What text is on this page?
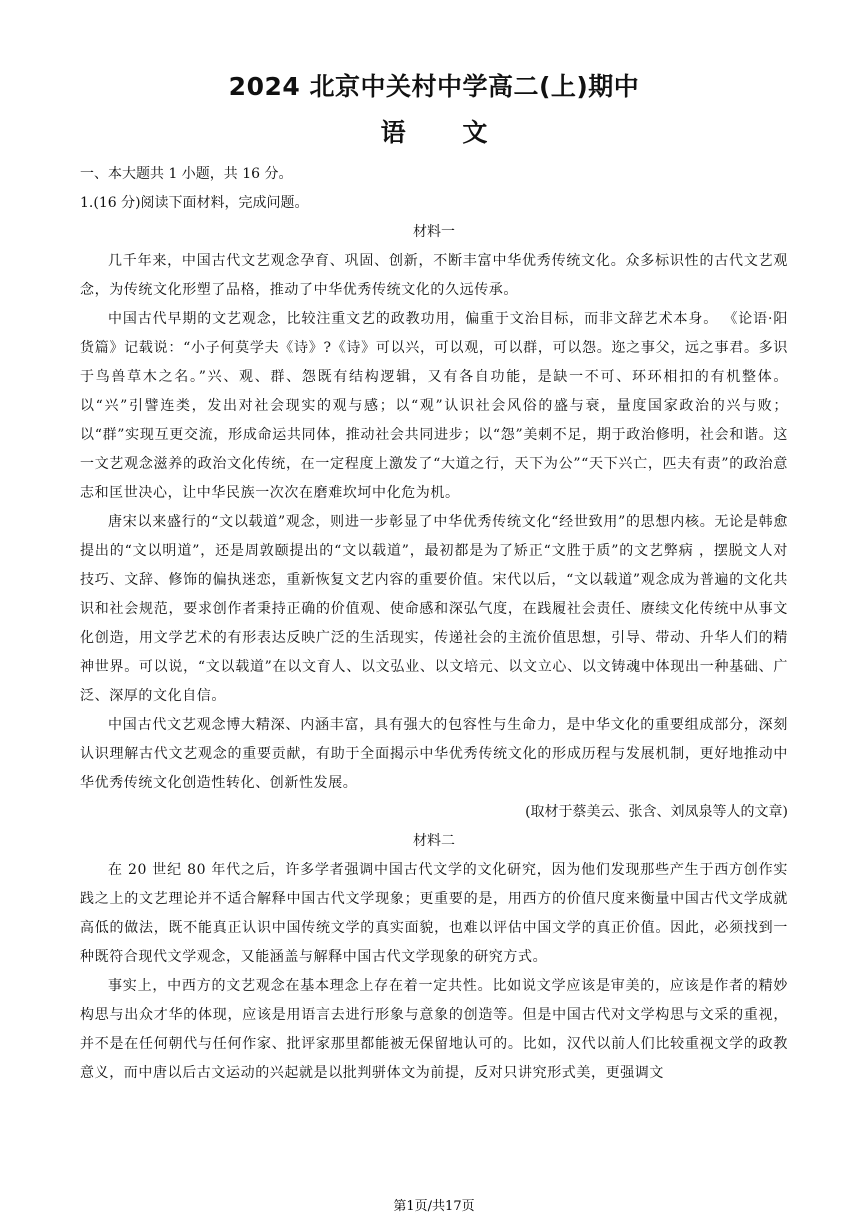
2024 北京中关村中学高二(上)期中
语 文

一、本大题共 1 小题，共 16 分。

1.(16 分)阅读下面材料，完成问题。

材料一

几千年来，中国古代文艺观念孕育、巩固、创新，不断丰富中华优秀传统文化。众多标识性的古代文艺观念，为传统文化形塑了品格，推动了中华优秀传统文化的久远传承。

中国古代早期的文艺观念，比较注重文艺的政教功用，偏重于文治目标，而非文辞艺术本身。 《论语·阳货篇》记载说：“小子何莫学夫《诗》?《诗》可以兴，可以观，可以群，可以怨。迩之事父，远之事君。多识于鸟兽草木之名。”兴、观、群、怨既有结构逻辑，又有各自功能，是缺一不可、环环相扣的有机整体。以“兴”引譬连类，发出对社会现实的观与感；以“观”认识社会风俗的盛与衰，量度国家政治的兴与败；以“群”实现互更交流，形成命运共同体，推动社会共同进步；以“怨”美刺不足，期于政治修明，社会和谐。这一文艺观念滋养的政治文化传统，在一定程度上激发了“大道之行，天下为公”“天下兴亡，匹夫有责”的政治意志和匡世决心，让中华民族一次次在磨难坎坷中化危为机。

唐宋以来盛行的“文以载道”观念，则进一步彰显了中华优秀传统文化“经世致用”的思想内核。无论是韩愈提出的“文以明道”，还是周敦颐提出的“文以载道”，最初都是为了矫正“文胜于质”的文艺弊病 ，摆脱文人对技巧、文辞、修饰的偏执迷恋，重新恢复文艺内容的重要价值。宋代以后，“文以载道”观念成为普遍的文化共识和社会规范，要求创作者秉持正确的价值观、使命感和深弘气度，在践履社会责任、赓续文化传统中从事文化创造，用文学艺术的有形表达反映广泛的生活现实，传递社会的主流价值思想，引导、带动、升华人们的精神世界。可以说，“文以载道”在以文育人、以文弘业、以文培元、以文立心、以文铸魂中体现出一种基础、广泛、深厚的文化自信。

中国古代文艺观念博大精深、内涵丰富，具有强大的包容性与生命力，是中华文化的重要组成部分，深刻认识理解古代文艺观念的重要贡献，有助于全面揭示中华优秀传统文化的形成历程与发展机制，更好地推动中华优秀传统文化创造性转化、创新性发展。

(取材于蔡美云、张含、刘凤泉等人的文章)

材料二

在 20 世纪 80 年代之后，许多学者强调中国古代文学的文化研究，因为他们发现那些产生于西方创作实践之上的文艺理论并不适合解释中国古代文学现象；更重要的是，用西方的价值尺度来衡量中国古代文学成就高低的做法，既不能真正认识中国传统文学的真实面貌，也难以评估中国文学的真正价值。因此，必须找到一种既符合现代文学观念，又能涵盖与解释中国古代文学现象的研究方式。

事实上，中西方的文艺观念在基本理念上存在着一定共性。比如说文学应该是审美的，应该是作者的精妙构思与出众才华的体现，应该是用语言去进行形象与意象的创造等。但是中国古代对文学构思与文采的重视，并不是在任何朝代与任何作家、批评家那里都能被无保留地认可的。比如，汉代以前人们比较重视文学的政教意义，而中唐以后古文运动的兴起就是以批判骈体文为前提，反对只讲究形式美，更强调文

第1页/共17页
